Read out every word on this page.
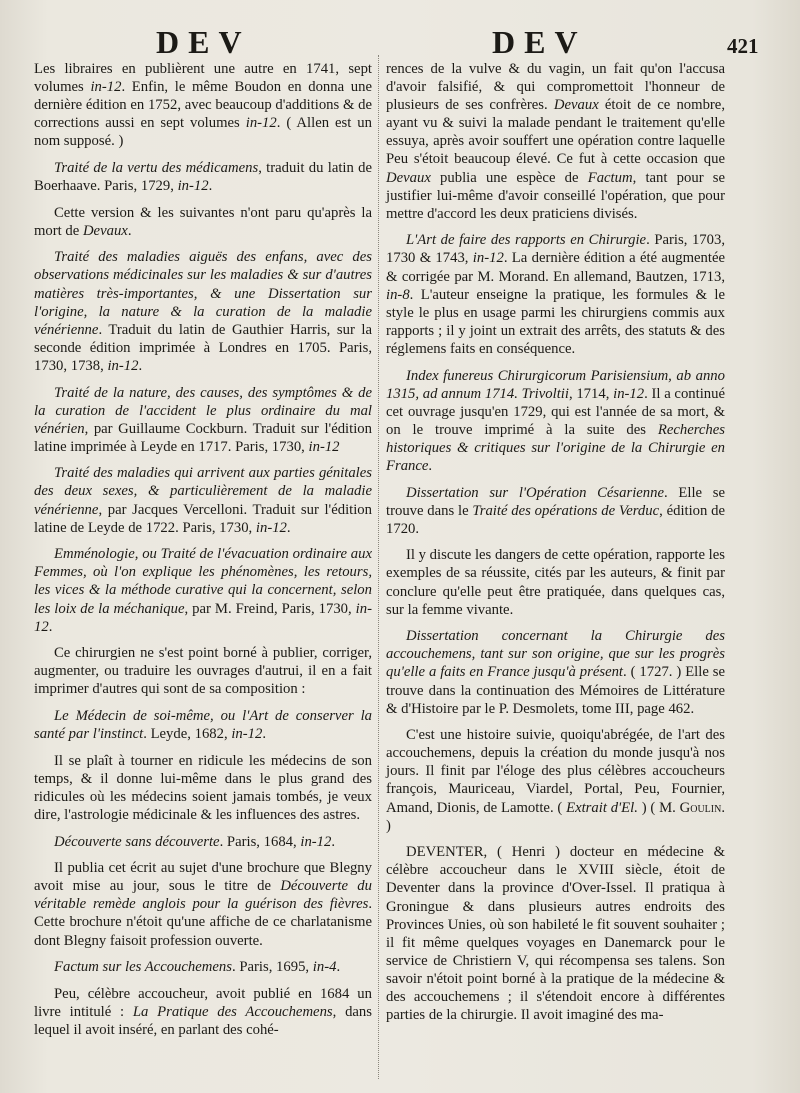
DEV	DEV	421

Les libraires en publièrent une autre en 1741, sept volumes in-12. Enfin, le même Boudon en donna une dernière édition en 1752, avec beaucoup d'additions & de corrections aussi en sept volumes in-12. ( Allen est un nom supposé. )

Traité de la vertu des médicamens, traduit du latin de Boerhaave. Paris, 1729, in-12.

Cette version & les suivantes n'ont paru qu'après la mort de Devaux.

Traité des maladies aiguës des enfans, avec des observations médicinales sur les maladies & sur d'autres matières très-importantes, & une Dissertation sur l'origine, la nature & la curation de la maladie vénérienne. Traduit du latin de Gauthier Harris, sur la seconde édition imprimée à Londres en 1705. Paris, 1730, 1738, in-12.

Traité de la nature, des causes, des symptômes & de la curation de l'accident le plus ordinaire du mal vénérien, par Guillaume Cockburn. Traduit sur l'édition latine imprimée à Leyde en 1717. Paris, 1730, in-12

Traité des maladies qui arrivent aux parties génitales des deux sexes, & particulièrement de la maladie vénérienne, par Jacques Vercelloni. Traduit sur l'édition latine de Leyde de 1722. Paris, 1730, in-12.

Emménologie, ou Traité de l'évacuation ordinaire aux Femmes, où l'on explique les phénomènes, les retours, les vices & la méthode curative qui la concernent, selon les loix de la méchanique, par M. Freind, Paris, 1730, in-12.

Ce chirurgien ne s'est point borné à publier, corriger, augmenter, ou traduire les ouvrages d'autrui, il en a fait imprimer d'autres qui sont de sa composition :

Le Médecin de soi-même, ou l'Art de conserver la santé par l'instinct. Leyde, 1682, in-12.

Il se plaît à tourner en ridicule les médecins de son temps, & il donne lui-même dans le plus grand des ridicules où les médecins soient jamais tombés, je veux dire, l'astrologie médicinale & les influences des astres.

Découverte sans découverte. Paris, 1684, in-12.

Il publia cet écrit au sujet d'une brochure que Blegny avoit mise au jour, sous le titre de Découverte du véritable remède anglois pour la guérison des fièvres. Cette brochure n'étoit qu'une affiche de ce charlatanisme dont Blegny faisoit profession ouverte.

Factum sur les Accouchemens. Paris, 1695, in-4.

Peu, célèbre accoucheur, avoit publié en 1684 un livre intitulé : La Pratique des Accouchemens, dans lequel il avoit inséré, en parlant des cohé-

rences de la vulve & du vagin, un fait qu'on l'accusa d'avoir falsifié, & qui compromettoit l'honneur de plusieurs de ses confrères. Devaux étoit de ce nombre, ayant vu & suivi la malade pendant le traitement qu'elle essuya, après avoir souffert une opération contre laquelle Peu s'étoit beaucoup élevé. Ce fut à cette occasion que Devaux publia une espèce de Factum, tant pour se justifier lui-même d'avoir conseillé l'opération, que pour mettre d'accord les deux praticiens divisés.

L'Art de faire des rapports en Chirurgie. Paris, 1703, 1730 & 1743, in-12. La dernière édition a été augmentée & corrigée par M. Morand. En allemand, Bautzen, 1713, in-8. L'auteur enseigne la pratique, les formules & le style le plus en usage parmi les chirurgiens commis aux rapports ; il y joint un extrait des arrêts, des statuts & des réglemens faits en conséquence.

Index funereus Chirurgicorum Parisiensium, ab anno 1315, ad annum 1714. Trivoltii, 1714, in-12. Il a continué cet ouvrage jusqu'en 1729, qui est l'année de sa mort, & on le trouve imprimé à la suite des Recherches historiques & critiques sur l'origine de la Chirurgie en France.

Dissertation sur l'Opération Césarienne. Elle se trouve dans le Traité des opérations de Verduc, édition de 1720.

Il y discute les dangers de cette opération, rapporte les exemples de sa réussite, cités par les auteurs, & finit par conclure qu'elle peut être pratiquée, dans quelques cas, sur la femme vivante.

Dissertation concernant la Chirurgie des accouchemens, tant sur son origine, que sur les progrès qu'elle a faits en France jusqu'à présent. ( 1727. ) Elle se trouve dans la continuation des Mémoires de Littérature & d'Histoire par le P. Desmolets, tome III, page 462.

C'est une histoire suivie, quoiqu'abrégée, de l'art des accouchemens, depuis la création du monde jusqu'à nos jours. Il finit par l'éloge des plus célèbres accoucheurs françois, Mauriceau, Viardel, Portal, Peu, Fournier, Amand, Dionis, de Lamotte. ( Extrait d'El. ) ( M. Goulin. )

DEVENTER, ( Henri ) docteur en médecine & célèbre accoucheur dans le XVIII siècle, étoit de Deventer dans la province d'Over-Issel. Il pratiqua à Groningue & dans plusieurs autres endroits des Provinces Unies, où son habileté le fit souvent souhaiter ; il fit même quelques voyages en Danemarck pour le service de Christiern V, qui récompensa ses talens. Son savoir n'étoit point borné à la pratique de la médecine & des accouchemens ; il s'étendoit encore à différentes parties de la chirurgie. Il avoit imaginé des ma-
